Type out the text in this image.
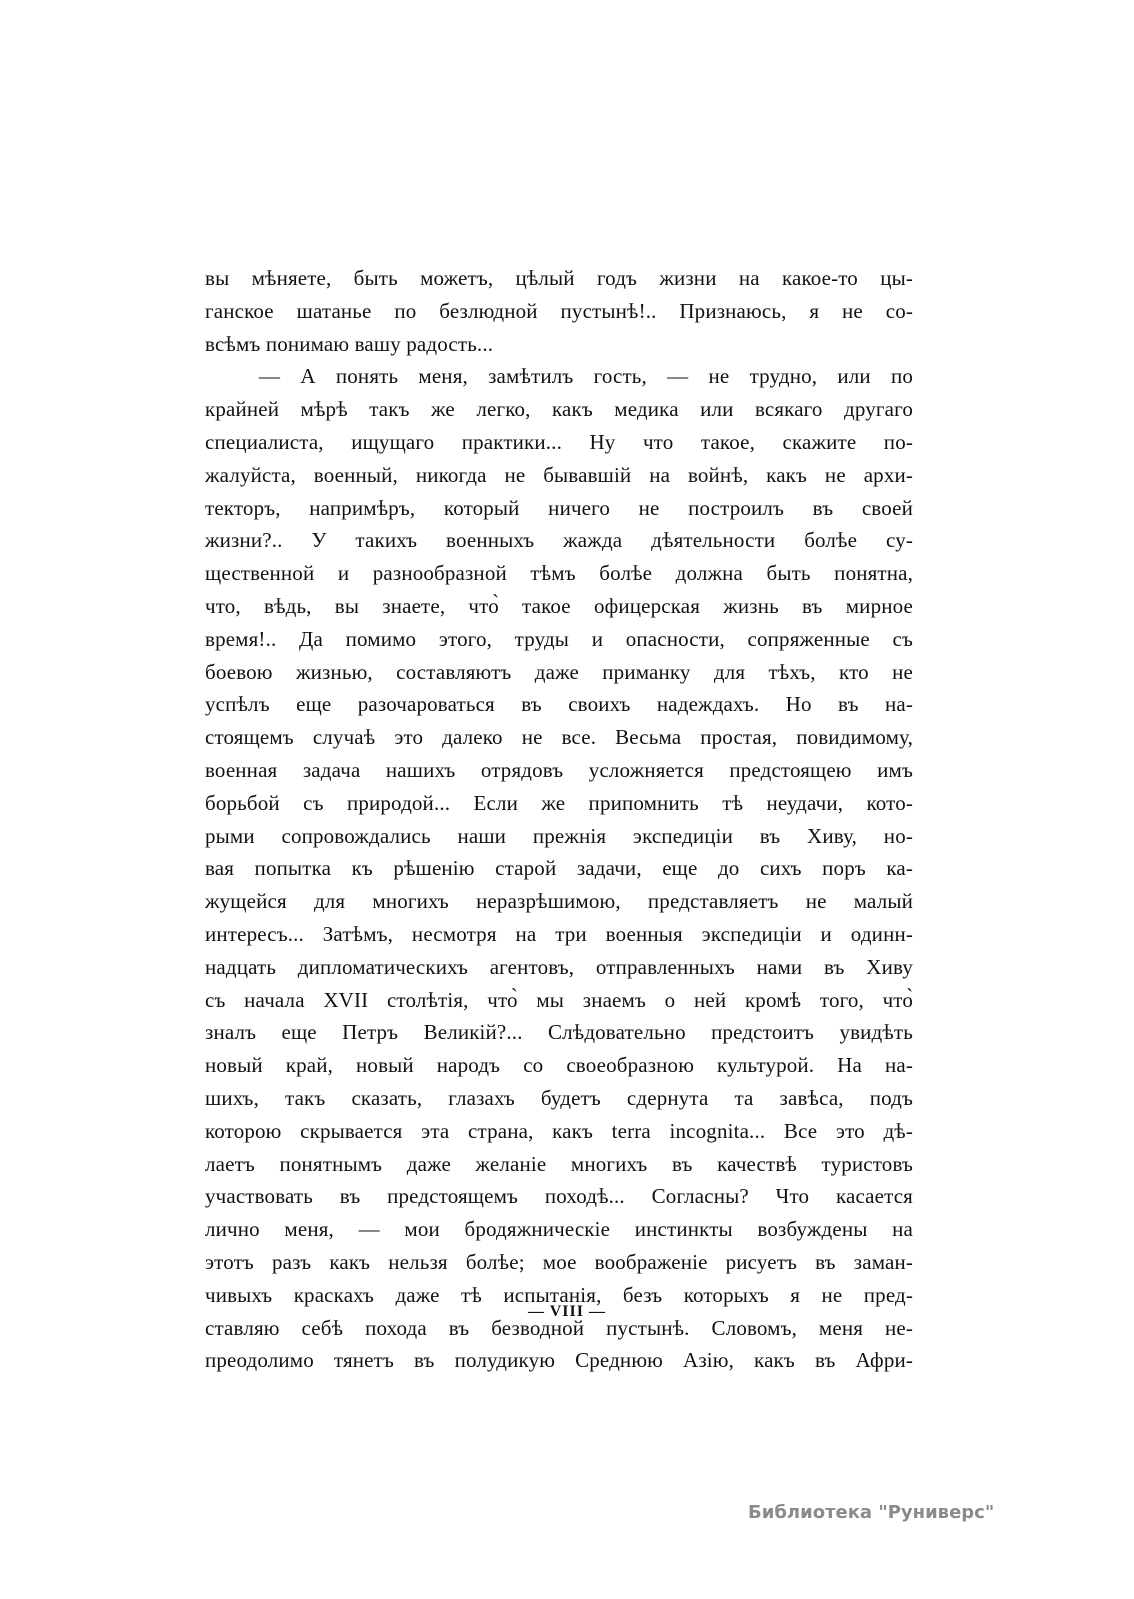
вы мѣняете, быть можетъ, цѣлый годъ жизни на какое-то цы-
ганское шатанье по безлюдной пустынѣ!.. Признаюсь, я не со-
всѣмъ понимаю вашу радость...
— А понять меня, замѣтилъ гость, — не трудно, или по
крайней мѣрѣ такъ же легко, какъ медика или всякаго другаго
специалиста, ищущаго практики... Ну что такое, скажите по-
жалуйста, военный, никогда не бывавшій на войнѣ, какъ не архи-
текторъ, напримѣръ, который ничего не построилъ въ своей
жизни?.. У такихъ военныхъ жажда дѣятельности болѣе су-
щественной и разнообразной тѣмъ болѣе должна быть понятна,
что, вѣдь, вы знаете, что̀ такое офицерская жизнь въ мирное
время!.. Да помимо этого, труды и опасности, сопряженные съ
боевою жизнью, составляютъ даже приманку для тѣхъ, кто не
успѣлъ еще разочароваться въ своихъ надеждахъ. Но въ на-
стоящемъ случаѣ это далеко не все. Весьма простая, повидимому,
военная задача нашихъ отрядовъ усложняется предстоящею имъ
борьбой съ природой... Если же припомнить тѣ неудачи, кото-
рыми сопровождались наши прежнія экспедиціи въ Хиву, но-
вая попытка къ рѣшенію старой задачи, еще до сихъ поръ ка-
жущейся для многихъ неразрѣшимою, представляетъ не малый
интересъ... Затѣмъ, несмотря на три военныя экспедиціи и одинн-
надцать дипломатическихъ агентовъ, отправленныхъ нами въ Хиву
съ начала XVII столѣтія, что̀ мы знаемъ о ней кромѣ того, что̀
зналъ еще Петръ Великій?... Слѣдовательно предстоитъ увидѣть
новый край, новый народъ со своеобразною культурой. На на-
шихъ, такъ сказать, глазахъ будетъ сдернута та завѣса, подъ
которою скрывается эта страна, какъ terra incognita... Все это дѣ-
лаетъ понятнымъ даже желаніе многихъ въ качествѣ туристовъ
участвовать въ предстоящемъ походѣ... Согласны? Что касается
лично меня, — мои бродяжническіе инстинкты возбуждены на
этотъ разъ какъ нельзя болѣе; мое воображеніе рисуетъ въ заман-
чивыхъ краскахъ даже тѣ испытанія, безъ которыхъ я не пред-
ставляю себѣ похода въ безводной пустынѣ. Словомъ, меня не-
преодолимо тянетъ въ полудикую Среднюю Азію, какъ въ Афри-
— VIII —
Библиотека "Руниверс"
